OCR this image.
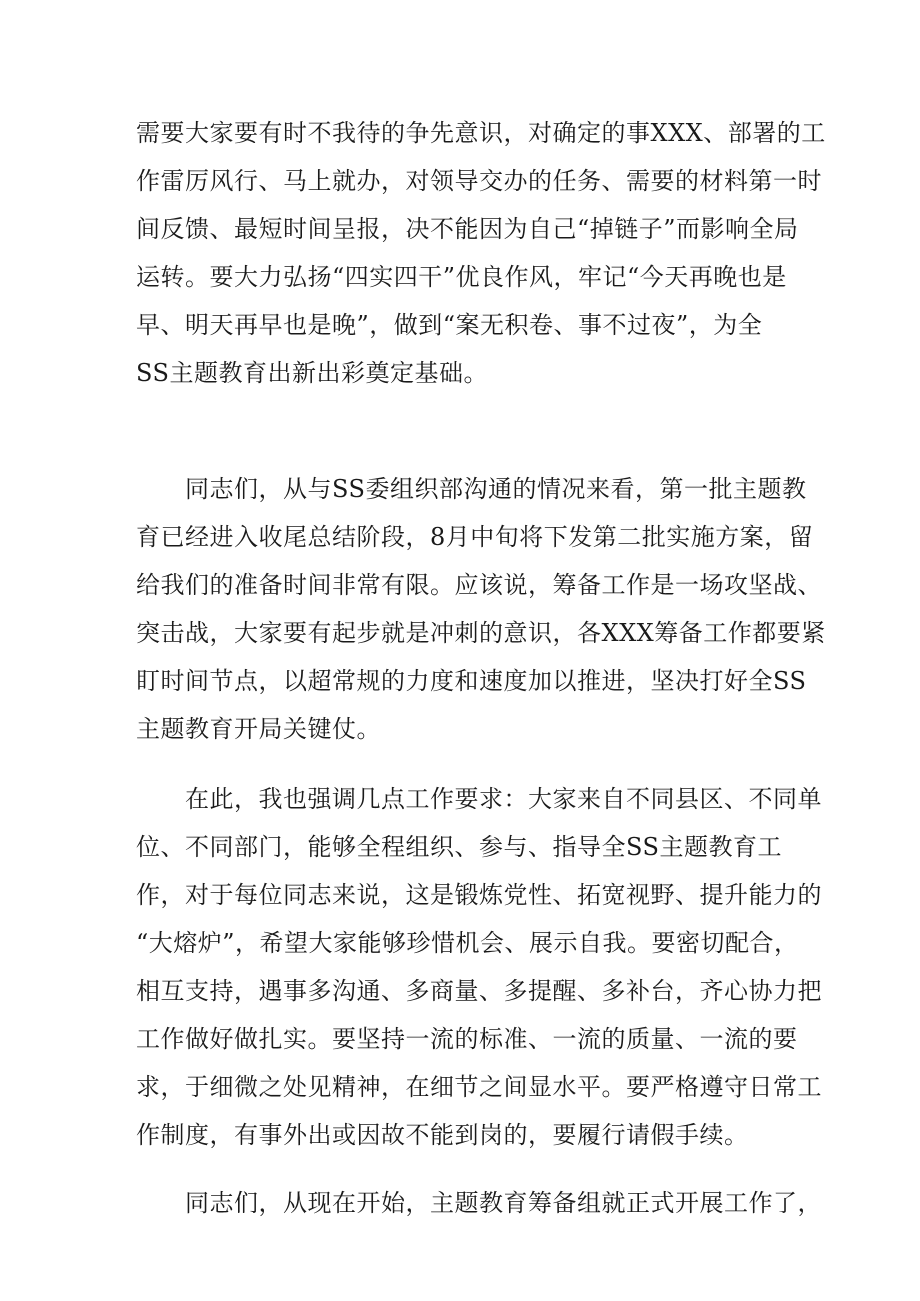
需要大家要有时不我待的争先意识，对确定的事XXX、部署的工
作雷厉风行、马上就办，对领导交办的任务、需要的材料第一时
间反馈、最短时间呈报，决不能因为自己“掉链子”而影响全局
运转。要大力弘扬“四实四干”优良作风，牢记“今天再晚也是
早、明天再早也是晚”，做到“案无积卷、事不过夜”，为全
SS主题教育出新出彩奠定基础。
　　同志们，从与SS委组织部沟通的情况来看，第一批主题教
育已经进入收尾总结阶段，8月中旬将下发第二批实施方案，留
给我们的准备时间非常有限。应该说，筹备工作是一场攻坚战、
突击战，大家要有起步就是冲刺的意识，各XXX筹备工作都要紧
盯时间节点，以超常规的力度和速度加以推进，坚决打好全SS
主题教育开局关键仗。
　　在此，我也强调几点工作要求：大家来自不同县区、不同单
位、不同部门，能够全程组织、参与、指导全SS主题教育工
作，对于每位同志来说，这是锻炼党性、拓宽视野、提升能力的
“大熔炉”，希望大家能够珍惜机会、展示自我。要密切配合，
相互支持，遇事多沟通、多商量、多提醒、多补台，齐心协力把
工作做好做扎实。要坚持一流的标准、一流的质量、一流的要
求，于细微之处见精神，在细节之间显水平。要严格遵守日常工
作制度，有事外出或因故不能到岗的，要履行请假手续。
　　同志们，从现在开始，主题教育筹备组就正式开展工作了，
